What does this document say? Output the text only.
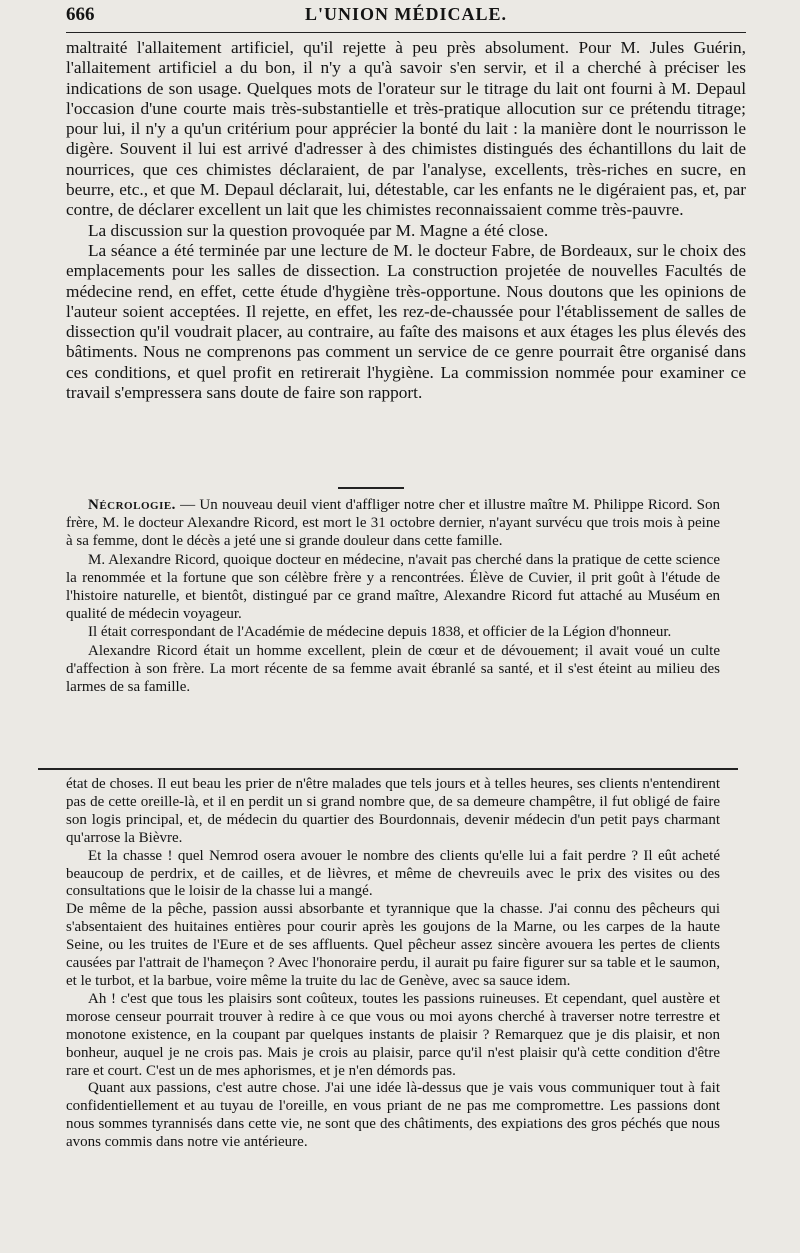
666	L'UNION MÉDICALE.

maltraité l'allaitement artificiel, qu'il rejette à peu près absolument. Pour M. Jules Guérin, l'allaitement artificiel a du bon, il n'y a qu'à savoir s'en servir, et il a cherché à préciser les indications de son usage. Quelques mots de l'orateur sur le titrage du lait ont fourni à M. Depaul l'occasion d'une courte mais très-substantielle et très-pratique allocution sur ce prétendu titrage; pour lui, il n'y a qu'un critérium pour apprécier la bonté du lait : la manière dont le nourrisson le digère. Souvent il lui est arrivé d'adresser à des chimistes distingués des échantillons du lait de nourrices, que ces chimistes déclaraient, de par l'analyse, excellents, très-riches en sucre, en beurre, etc., et que M. Depaul déclarait, lui, détestable, car les enfants ne le digéraient pas, et, par contre, de déclarer excellent un lait que les chimistes reconnaissaient comme très-pauvre.

La discussion sur la question provoquée par M. Magne a été close.

La séance a été terminée par une lecture de M. le docteur Fabre, de Bordeaux, sur le choix des emplacements pour les salles de dissection. La construction projetée de nouvelles Facultés de médecine rend, en effet, cette étude d'hygiène très-opportune. Nous doutons que les opinions de l'auteur soient acceptées. Il rejette, en effet, les rez-de-chaussée pour l'établissement de salles de dissection qu'il voudrait placer, au contraire, au faîte des maisons et aux étages les plus élevés des bâtiments. Nous ne comprenons pas comment un service de ce genre pourrait être organisé dans ces conditions, et quel profit en retirerait l'hygiène. La commission nommée pour examiner ce travail s'empressera sans doute de faire son rapport.

Nécrologie. — Un nouveau deuil vient d'affliger notre cher et illustre maître M. Philippe Ricord. Son frère, M. le docteur Alexandre Ricord, est mort le 31 octobre dernier, n'ayant survécu que trois mois à peine à sa femme, dont le décès a jeté une si grande douleur dans cette famille.

M. Alexandre Ricord, quoique docteur en médecine, n'avait pas cherché dans la pratique de cette science la renommée et la fortune que son célèbre frère y a rencontrées. Élève de Cuvier, il prit goût à l'étude de l'histoire naturelle, et bientôt, distingué par ce grand maître, Alexandre Ricord fut attaché au Muséum en qualité de médecin voyageur.

Il était correspondant de l'Académie de médecine depuis 1838, et officier de la Légion d'honneur.

Alexandre Ricord était un homme excellent, plein de cœur et de dévouement; il avait voué un culte d'affection à son frère. La mort récente de sa femme avait ébranlé sa santé, et il s'est éteint au milieu des larmes de sa famille.

état de choses. Il eut beau les prier de n'être malades que tels jours et à telles heures, ses clients n'entendirent pas de cette oreille-là, et il en perdit un si grand nombre que, de sa demeure champêtre, il fut obligé de faire son logis principal, et, de médecin du quartier des Bourdonnais, devenir médecin d'un petit pays charmant qu'arrose la Bièvre.

Et la chasse ! quel Nemrod osera avouer le nombre des clients qu'elle lui a fait perdre ? Il eût acheté beaucoup de perdrix, et de cailles, et de lièvres, et même de chevreuils avec le prix des visites ou des consultations que le loisir de la chasse lui a mangé.

De même de la pêche, passion aussi absorbante et tyrannique que la chasse. J'ai connu des pêcheurs qui s'absentaient des huitaines entières pour courir après les goujons de la Marne, ou les carpes de la haute Seine, ou les truites de l'Eure et de ses affluents. Quel pêcheur assez sincère avouera les pertes de clients causées par l'attrait de l'hameçon ? Avec l'honoraire perdu, il aurait pu faire figurer sur sa table et le saumon, et le turbot, et la barbue, voire même la truite du lac de Genève, avec sa sauce idem.

Ah ! c'est que tous les plaisirs sont coûteux, toutes les passions ruineuses. Et cependant, quel austère et morose censeur pourrait trouver à redire à ce que vous ou moi ayons cherché à traverser notre terrestre et monotone existence, en la coupant par quelques instants de plaisir ? Remarquez que je dis plaisir, et non bonheur, auquel je ne crois pas. Mais je crois au plaisir, parce qu'il n'est plaisir qu'à cette condition d'être rare et court. C'est un de mes aphorismes, et je n'en démords pas.

Quant aux passions, c'est autre chose. J'ai une idée là-dessus que je vais vous communiquer tout à fait confidentiellement et au tuyau de l'oreille, en vous priant de ne pas me compromettre. Les passions dont nous sommes tyrannisés dans cette vie, ne sont que des châtiments, des expiations des gros péchés que nous avons commis dans notre vie antérieure.
